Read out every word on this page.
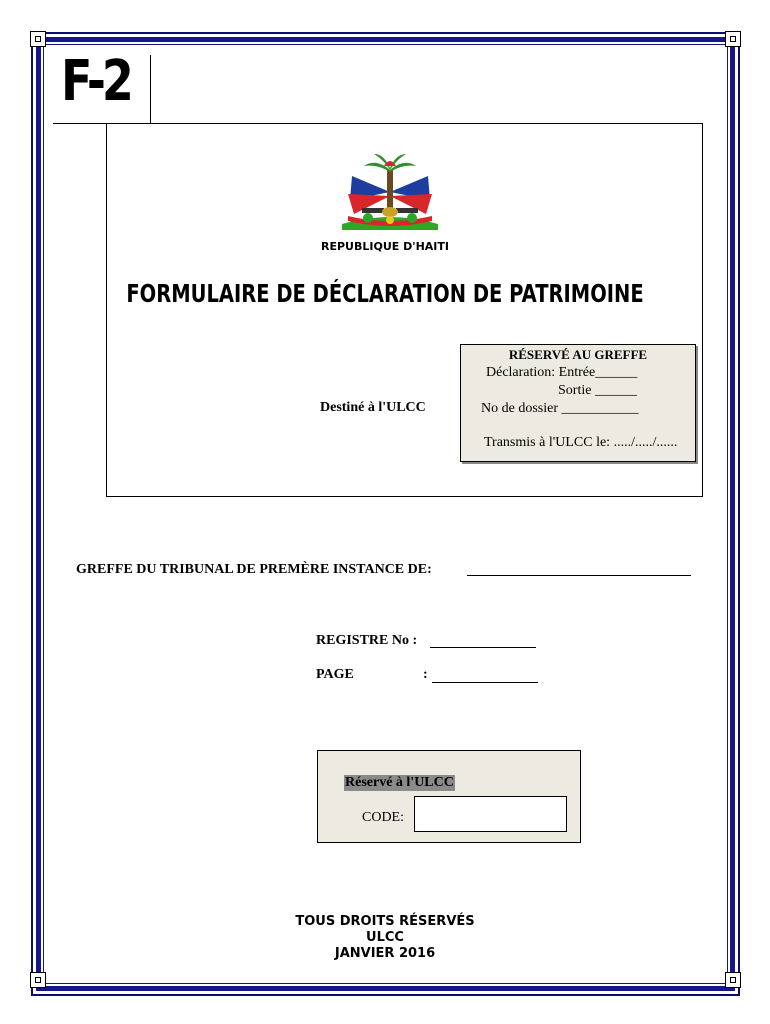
F-2
REPUBLIQUE D'HAITI
FORMULAIRE DE DÉCLARATION DE PATRIMOINE
Destiné à l'ULCC
RÉSERVÉ AU GREFFE
Déclaration: Entrée______
Sortie ______
No de dossier ___________
Transmis à l'ULCC le: ...../...../......
GREFFE DU TRIBUNAL DE PREMÈRE INSTANCE DE:
REGISTRE No :
PAGE	:
Réservé à l'ULCC
CODE:
TOUS DROITS RÉSERVÉS
ULCC
JANVIER 2016
